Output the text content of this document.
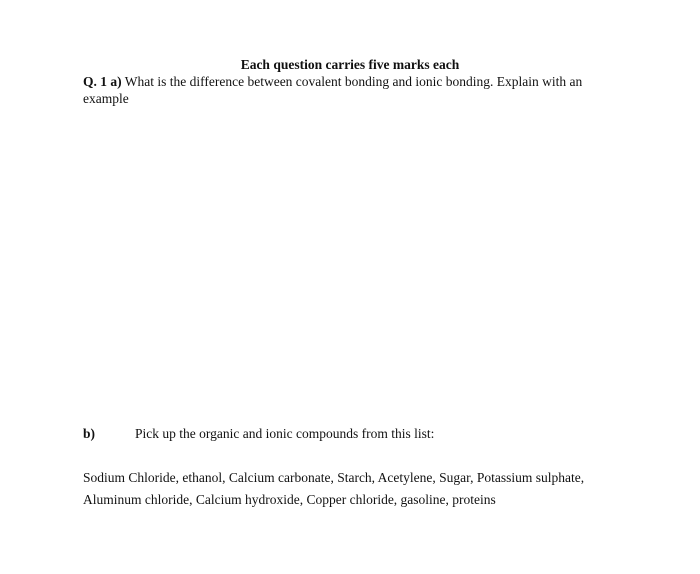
Each question carries five marks each
Q. 1 a) What is the difference between covalent bonding and ionic bonding. Explain with an example
b)	Pick up the organic and ionic compounds from this list:
Sodium Chloride, ethanol, Calcium carbonate, Starch, Acetylene, Sugar, Potassium sulphate, Aluminum chloride, Calcium hydroxide, Copper chloride, gasoline, proteins
